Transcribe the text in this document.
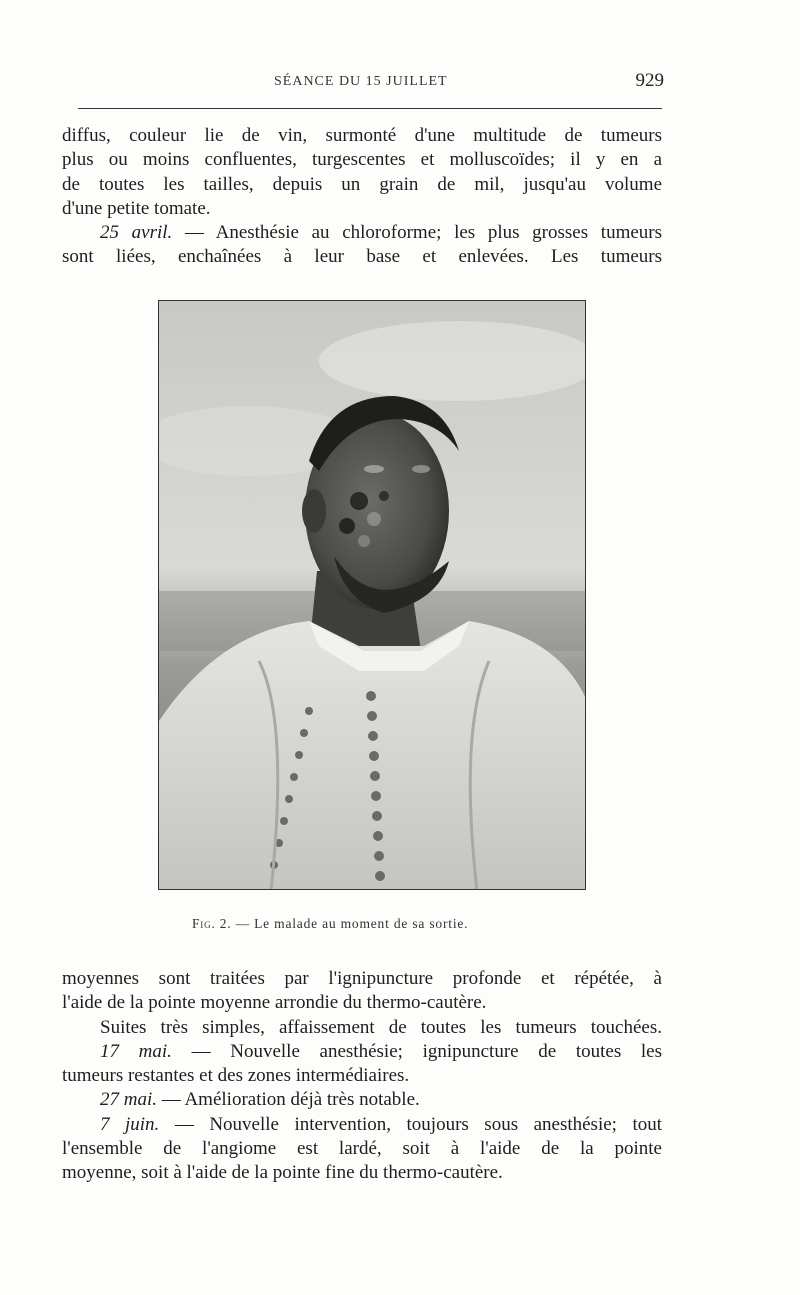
SÉANCE DU 15 JUILLET	929
diffus, couleur lie de vin, surmonté d'une multitude de tumeurs
plus ou moins confluentes, turgescentes et molluscoïdes; il y en a
de toutes les tailles, depuis un grain de mil, jusqu'au volume
d'une petite tomate.
25 avril. — Anesthésie au chloroforme; les plus grosses tumeurs
sont liées, enchaînées à leur base et enlevées. Les tumeurs
Fig. 2. — Le malade au moment de sa sortie.
moyennes sont traitées par l'ignipuncture profonde et répétée, à
l'aide de la pointe moyenne arrondie du thermo-cautère.
Suites très simples, affaissement de toutes les tumeurs touchées.
17 mai. — Nouvelle anesthésie; ignipuncture de toutes les
tumeurs restantes et des zones intermédiaires.
27 mai. — Amélioration déjà très notable.
7 juin. — Nouvelle intervention, toujours sous anesthésie; tout
l'ensemble de l'angiome est lardé, soit à l'aide de la pointe
moyenne, soit à l'aide de la pointe fine du thermo-cautère.
